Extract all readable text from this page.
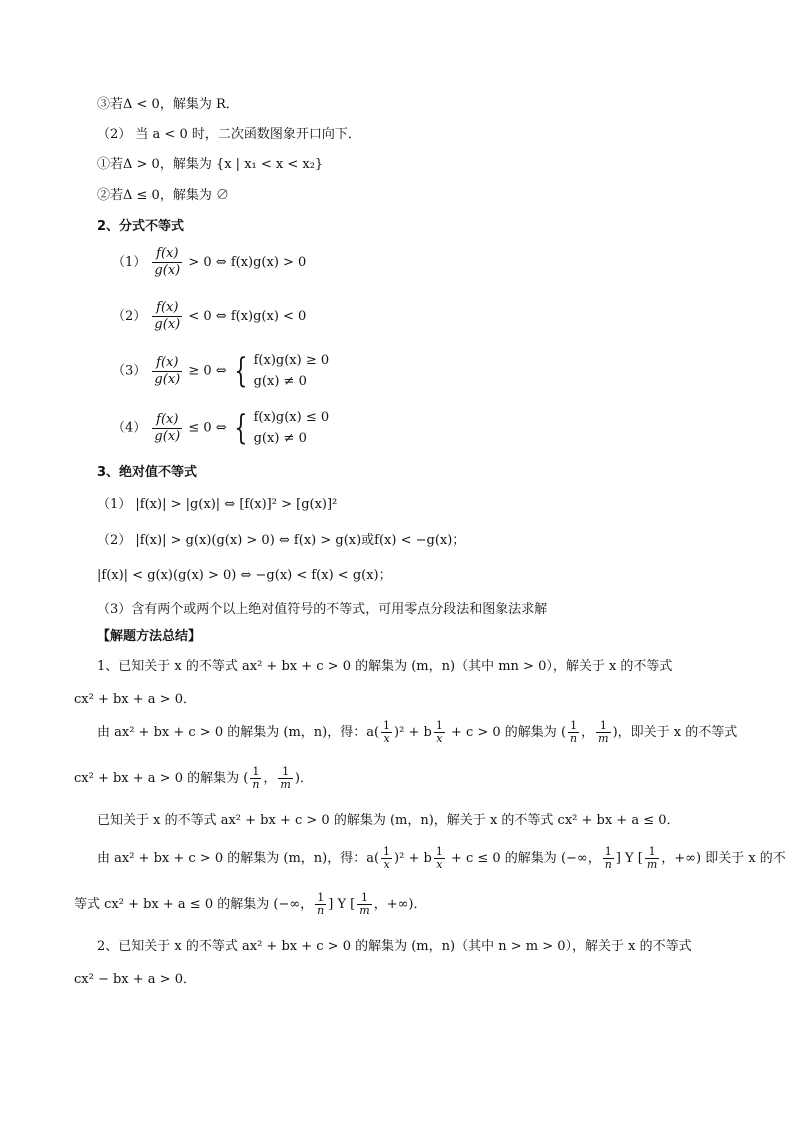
③若Δ < 0，解集为 R．
（2） 当 a < 0 时，二次函数图象开口向下．
①若Δ > 0，解集为 {x | x₁ < x < x₂}
②若Δ ≤ 0，解集为 ∅
2、分式不等式
$(1) \frac{f(x)}{g(x)} > 0$ ⇔ f(x)g(x) > 0
$(2) \frac{f(x)}{g(x)} < 0$ ⇔ f(x)g(x) < 0
$(3) \frac{f(x)}{g(x)} \ge 0$ ⇔ { f(x)g(x) ≥ 0
g(x) ≠ 0
$(4) \frac{f(x)}{g(x)} \le 0$ ⇔ { f(x)g(x) ≤ 0
g(x) ≠ 0
3、绝对值不等式
（1） |f(x)| > |g(x)| ⇔ [f(x)]² > [g(x)]²
（2） |f(x)| > g(x)(g(x) > 0) ⇔ f(x) > g(x)或f(x) < −g(x)；
|f(x)| < g(x)(g(x) > 0) ⇔ −g(x) < f(x) < g(x)；
（3）含有两个或两个以上绝对值符号的不等式，可用零点分段法和图象法求解
【解题方法总结】
1、已知关于 x 的不等式 ax² + bx + c > 0 的解集为 (m，n)（其中 mn > 0），解关于 x 的不等式
cx² + bx + a > 0．
由 ax² + bx + c > 0 的解集为 (m，n)，得：$a( \frac{1}{x} )^2 + b \frac{1}{x} + c > 0$ 的解集为 ( $\frac{1}{n}$ ， $\frac{1}{m}$ )，即关于 x 的不等式
cx² + bx + a > 0 的解集为 ( $\frac{1}{n}$ ， $\frac{1}{m}$ )．
已知关于 x 的不等式 ax² + bx + c > 0 的解集为 (m，n)，解关于 x 的不等式 cx² + bx + a ≤ 0．
由 ax² + bx + c > 0 的解集为 (m，n)，得：$a( \frac{1}{x} )^2 + b \frac{1}{x} + c \le 0$ 的解集为 (−∞， $\frac{1}{n}$ ] Y [ $\frac{1}{m}$ ，+∞) 即关于 x 的不
等式 cx² + bx + a ≤ 0 的解集为 (−∞， $\frac{1}{n}$ ] Y [ $\frac{1}{m}$ ，+∞)．
2、已知关于 x 的不等式 ax² + bx + c > 0 的解集为 (m，n)（其中 n > m > 0），解关于 x 的不等式
cx² − bx + a > 0．
